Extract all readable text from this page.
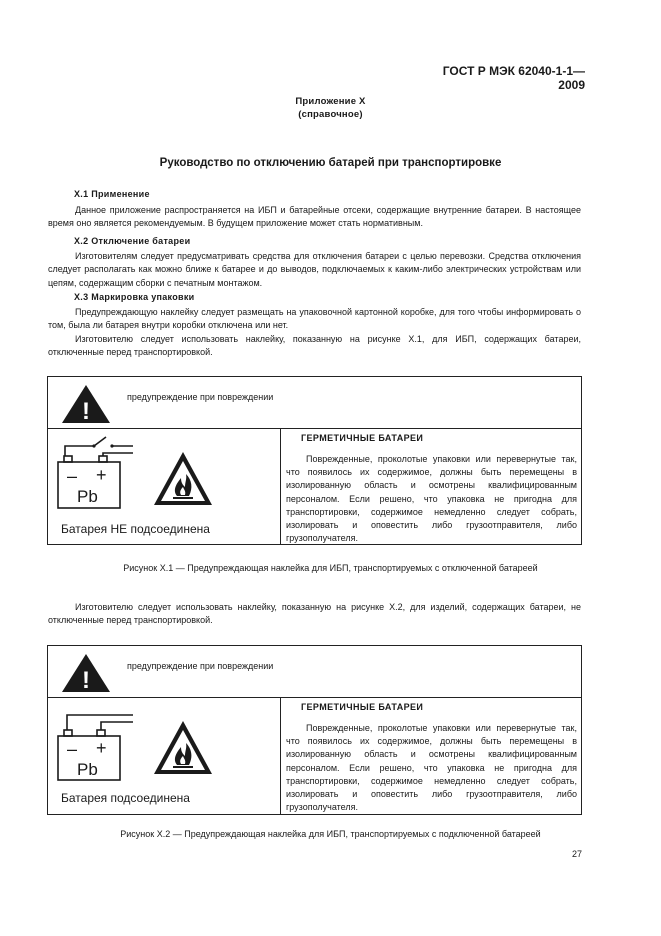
ГОСТ Р МЭК 62040-1-1—2009
Приложение X
(справочное)
Руководство по отключению батарей при транспортировке
X.1 Применение

Данное приложение распространяется на ИБП и батарейные отсеки, содержащие внутренние батареи. В настоящее время оно является рекомендуемым. В будущем приложение может стать нормативным.

X.2 Отключение батареи

Изготовителям следует предусматривать средства для отключения батареи с целью перевозки. Средства отключения следует располагать как можно ближе к батарее и до выводов, подключаемых к каким-либо электрических устройствам или цепям, содержащим сборки с печатным монтажом.

X.3 Маркировка упаковки

Предупреждающую наклейку следует размещать на упаковочной картонной коробке, для того чтобы информировать о том, была ли батарея внутри коробки отключена или нет.

Изготовителю следует использовать наклейку, показанную на рисунке X.1, для ИБП, содержащих батареи, отключенные перед транспортировкой.

!
предупреждение при повреждении
– +
Pb
Батарея НЕ подсоединена
ГЕРМЕТИЧНЫЕ БАТАРЕИ

Поврежденные, проколотые упаковки или перевернутые так, что появилось их содержимое, должны быть перемещены в изолированную область и осмотрены квалифицированным персоналом. Если решено, что упаковка не пригодна для транспортировки, содержимое немедленно следует собрать, изолировать и оповестить либо грузоотправителя, либо грузополучателя.

Рисунок X.1 — Предупреждающая наклейка для ИБП, транспортируемых с отключенной батареей

Изготовителю следует использовать наклейку, показанную на рисунке X.2, для изделий, содержащих батареи, не отключенные перед транспортировкой.

!
предупреждение при повреждении
– +
Pb
Батарея подсоединена
ГЕРМЕТИЧНЫЕ БАТАРЕИ

Поврежденные, проколотые упаковки или перевернутые так, что появилось их содержимое, должны быть перемещены в изолированную область и осмотрены квалифицированным персоналом. Если решено, что упаковка не пригодна для транспортировки, содержимое немедленно следует собрать, изолировать и оповестить либо грузоотправителя, либо грузополучателя.

Рисунок X.2 — Предупреждающая наклейка для ИБП, транспортируемых с подключенной батареей
27
